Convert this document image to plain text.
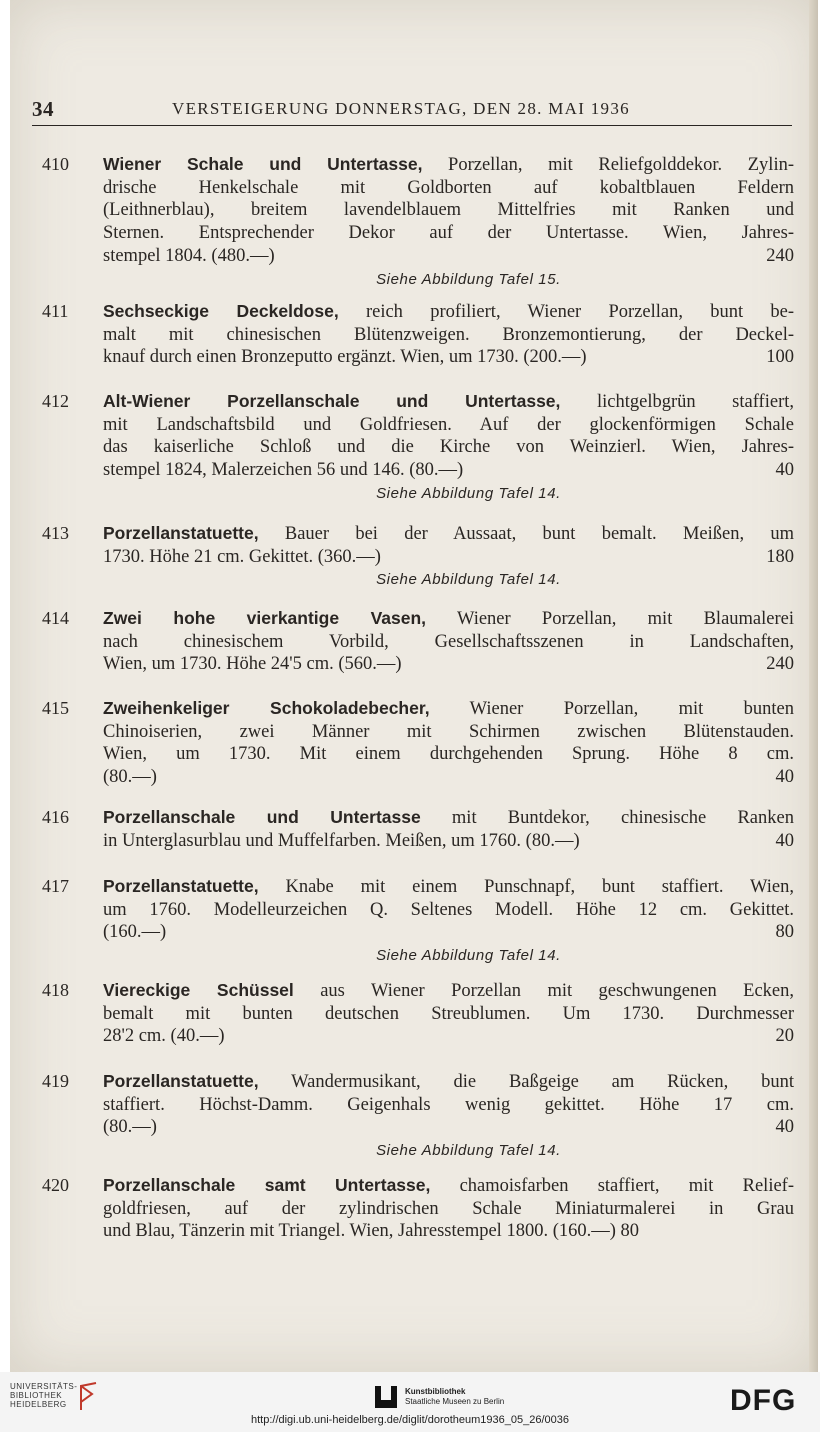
34	VERSTEIGERUNG DONNERSTAG, DEN 28. MAI 1936
410 Wiener Schale und Untertasse, Porzellan, mit Reliefgolddekor. Zylin-
drische Henkelschale mit Goldborten auf kobaltblauen Feldern
(Leithnerblau), breitem lavendelblauem Mittelfries mit Ranken und
Sternen. Entsprechender Dekor auf der Untertasse. Wien, Jahres-
stempel 1804. (480.—)	240
Siehe Abbildung Tafel 15.
411 Sechseckige Deckeldose, reich profiliert, Wiener Porzellan, bunt be-
malt mit chinesischen Blütenzweigen. Bronzemontierung, der Deckel-
knauf durch einen Bronzeputto ergänzt. Wien, um 1730. (200.—)	100
412 Alt-Wiener Porzellanschale und Untertasse, lichtgelbgrün staffiert,
mit Landschaftsbild und Goldfriesen. Auf der glockenförmigen Schale
das kaiserliche Schloß und die Kirche von Weinzierl. Wien, Jahres-
stempel 1824, Malerzeichen 56 und 146. (80.—)	40
Siehe Abbildung Tafel 14.
413 Porzellanstatuette, Bauer bei der Aussaat, bunt bemalt. Meißen, um
1730. Höhe 21 cm. Gekittet. (360.—)	180
Siehe Abbildung Tafel 14.
414 Zwei hohe vierkantige Vasen, Wiener Porzellan, mit Blaumalerei
nach chinesischem Vorbild, Gesellschaftsszenen in Landschaften,
Wien, um 1730. Höhe 24'5 cm. (560.—)	240
415 Zweihenkeliger Schokoladebecher, Wiener Porzellan, mit bunten
Chinoiserien, zwei Männer mit Schirmen zwischen Blütenstauden.
Wien, um 1730. Mit einem durchgehenden Sprung. Höhe 8 cm.
(80.—)	40
416 Porzellanschale und Untertasse mit Buntdekor, chinesische Ranken
in Unterglasurblau und Muffelfarben. Meißen, um 1760. (80.—)	40
417 Porzellanstatuette, Knabe mit einem Punschnapf, bunt staffiert. Wien,
um 1760. Modelleurzeichen Q. Seltenes Modell. Höhe 12 cm. Gekittet.
(160.—)	80
Siehe Abbildung Tafel 14.
418 Viereckige Schüssel aus Wiener Porzellan mit geschwungenen Ecken,
bemalt mit bunten deutschen Streublumen. Um 1730. Durchmesser
28'2 cm. (40.—)	20
419 Porzellanstatuette, Wandermusikant, die Baßgeige am Rücken, bunt
staffiert. Höchst-Damm. Geigenhals wenig gekittet. Höhe 17 cm.
(80.—)	40
Siehe Abbildung Tafel 14.
420 Porzellanschale samt Untertasse, chamoisfarben staffiert, mit Relief-
goldfriesen, auf der zylindrischen Schale Miniaturmalerei in Grau
und Blau, Tänzerin mit Triangel. Wien, Jahresstempel 1800. (160.—) 80
UNIVERSITÄTS-
BIBLIOTHEK
HEIDELBERG
Kunstbibliothek
Staatliche Museen zu Berlin	DFG
http://digi.ub.uni-heidelberg.de/diglit/dorotheum1936_05_26/0036
